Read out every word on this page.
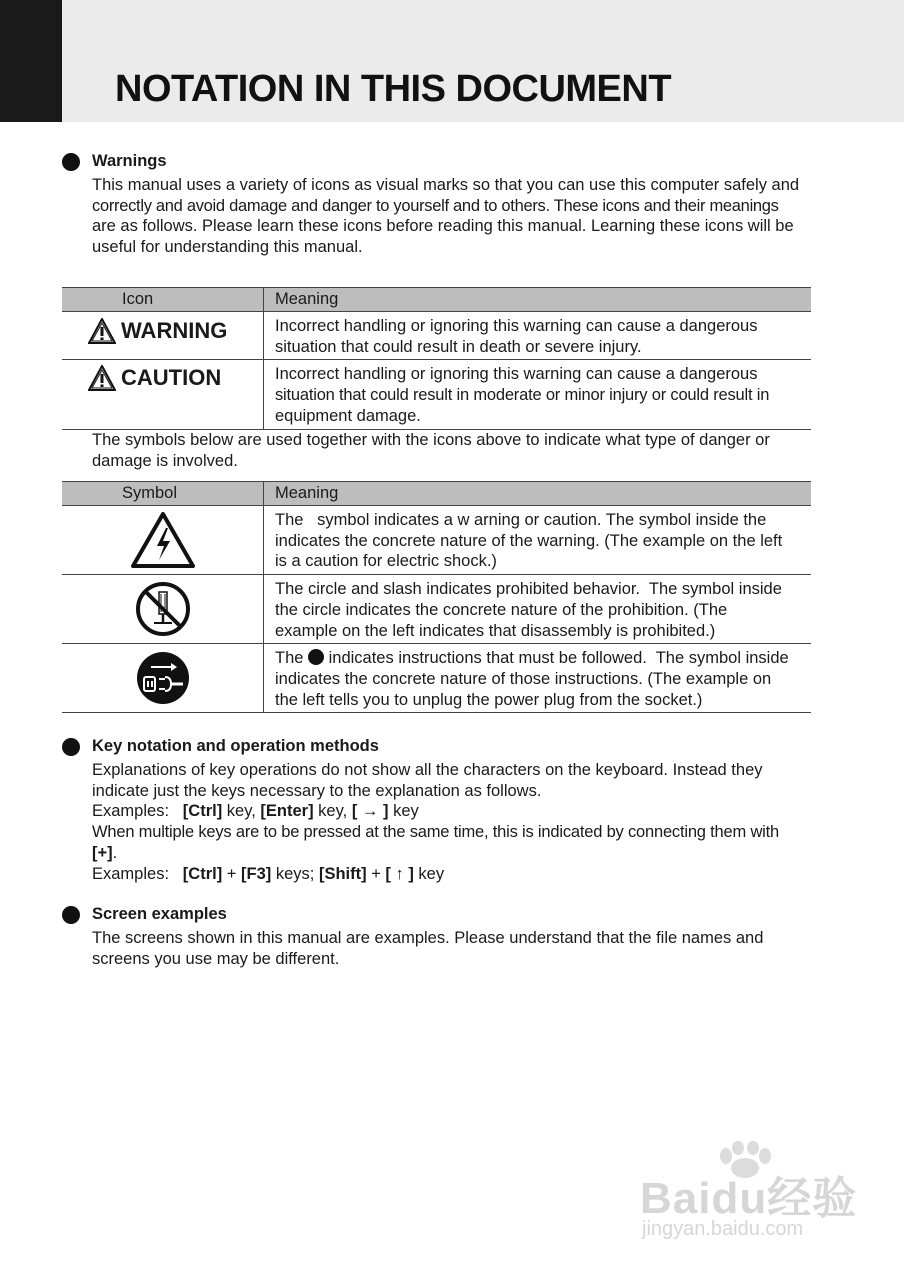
NOTATION IN THIS DOCUMENT
Warnings
This manual uses a variety of icons as visual marks so that you can use this computer safely and
correctly and avoid damage and danger to yourself and to others. These icons and their meanings
are as follows. Please learn these icons before reading this manual. Learning these icons will be
useful for understanding this manual.
Icon	Meaning

WARNING	Incorrect handling or ignoring this warning can cause a dangerous
situation that could result in death or severe injury.

CAUTION	Incorrect handling or ignoring this warning can cause a dangerous
situation that could result in moderate or minor injury or could result in
equipment damage.
The symbols below are used together with the icons above to indicate what type of danger or
damage is involved.
Symbol	Meaning

The   symbol indicates a w arning or caution. The symbol inside the
indicates the concrete nature of the warning. (The example on the left
is a caution for electric shock.)

The circle and slash indicates prohibited behavior.  The symbol inside
the circle indicates the concrete nature of the prohibition. (The
example on the left indicates that disassembly is prohibited.)

The  indicates instructions that must be followed.  The symbol inside
indicates the concrete nature of those instructions. (The example on
the left tells you to unplug the power plug from the socket.)
Key notation and operation methods
Explanations of key operations do not show all the characters on the keyboard. Instead they
indicate just the keys necessary to the explanation as follows.
Examples: [Ctrl] key, [Enter] key, [ → ] key
When multiple keys are to be pressed at the same time, this is indicated by connecting them with
[+].
Examples: [Ctrl] + [F3] keys; [Shift] + [ ↑ ] key
Screen examples
The screens shown in this manual are examples. Please understand that the file names and
screens you use may be different.
Baidu经验
jingyan.baidu.com
